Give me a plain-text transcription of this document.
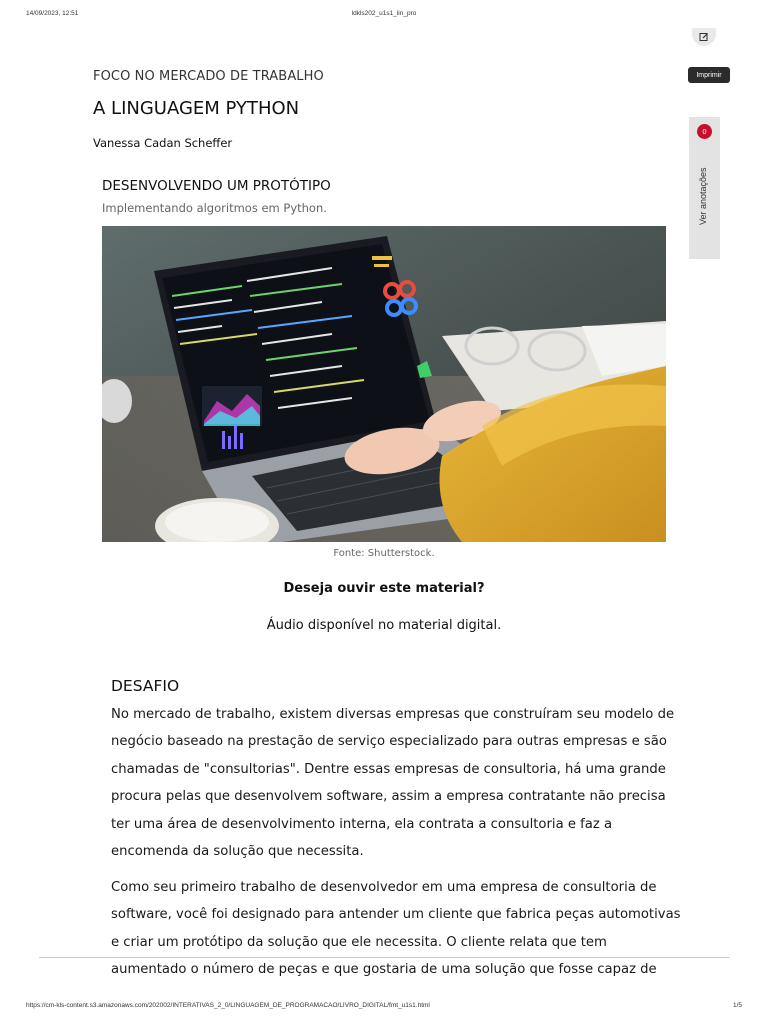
14/09/2023, 12:51	ldkls202_u1s1_lin_pro
Imprimir
0
Ver anotações
FOCO NO MERCADO DE TRABALHO
A LINGUAGEM PYTHON
Vanessa Cadan Scheffer
DESENVOLVENDO UM PROTÓTIPO
Implementando algoritmos em Python.
Fonte: Shutterstock.
Deseja ouvir este material?
Áudio disponível no material digital.
DESAFIO

No mercado de trabalho, existem diversas empresas que construíram seu modelo de
negócio baseado na prestação de serviço especializado para outras empresas e são
chamadas de "consultorias". Dentre essas empresas de consultoria, há uma grande
procura pelas que desenvolvem software, assim a empresa contratante não precisa
ter uma área de desenvolvimento interna, ela contrata a consultoria e faz a
encomenda da solução que necessita.

Como seu primeiro trabalho de desenvolvedor em uma empresa de consultoria de
software, você foi designado para antender um cliente que fabrica peças automotivas
e criar um protótipo da solução que ele necessita. O cliente relata que tem
aumentado o número de peças e que gostaria de uma solução que fosse capaz de

https://cm-kls-content.s3.amazonaws.com/202002/INTERATIVAS_2_0/LINGUAGEM_DE_PROGRAMACAO/LIVRO_DIGITAL/fmt_u1s1.html	1/5
